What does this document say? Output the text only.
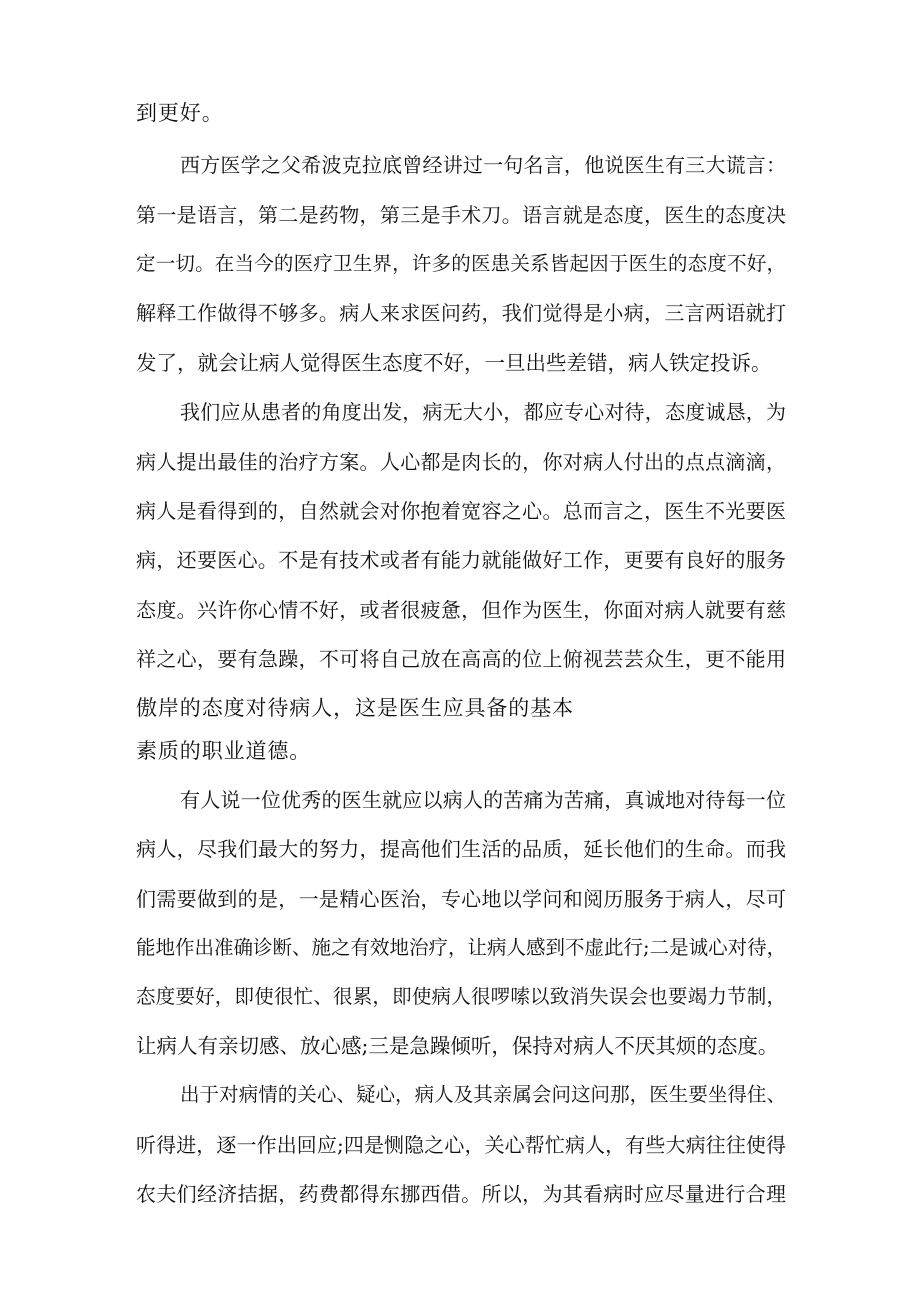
到更好。

西方医学之父希波克拉底曾经讲过一句名言，他说医生有三大谎言：

第一是语言，第二是药物，第三是手术刀。语言就是态度，医生的态度决

定一切。在当今的医疗卫生界，许多的医患关系皆起因于医生的态度不好，

解释工作做得不够多。病人来求医问药，我们觉得是小病，三言两语就打

发了，就会让病人觉得医生态度不好，一旦出些差错，病人铁定投诉。

我们应从患者的角度出发，病无大小，都应专心对待，态度诚恳，为

病人提出最佳的治疗方案。人心都是肉长的，你对病人付出的点点滴滴，

病人是看得到的，自然就会对你抱着宽容之心。总而言之，医生不光要医

病，还要医心。不是有技术或者有能力就能做好工作，更要有良好的服务

态度。兴许你心情不好，或者很疲惫，但作为医生，你面对病人就要有慈

祥之心，要有急躁，不可将自己放在高高的位上俯视芸芸众生，更不能用

傲岸的态度对待病人，这是医生应具备的基本

素质的职业道德。

有人说一位优秀的医生就应以病人的苦痛为苦痛，真诚地对待每一位

病人，尽我们最大的努力，提高他们生活的品质，延长他们的生命。而我

们需要做到的是，一是精心医治，专心地以学问和阅历服务于病人，尽可

能地作出准确诊断、施之有效地治疗，让病人感到不虚此行;二是诚心对待，

态度要好，即使很忙、很累，即使病人很啰嗦以致消失误会也要竭力节制，

让病人有亲切感、放心感;三是急躁倾听，保持对病人不厌其烦的态度。

出于对病情的关心、疑心，病人及其亲属会问这问那，医生要坐得住、

听得进，逐一作出回应;四是恻隐之心，关心帮忙病人，有些大病往往使得

农夫们经济拮据，药费都得东挪西借。所以，为其看病时应尽量进行合理
